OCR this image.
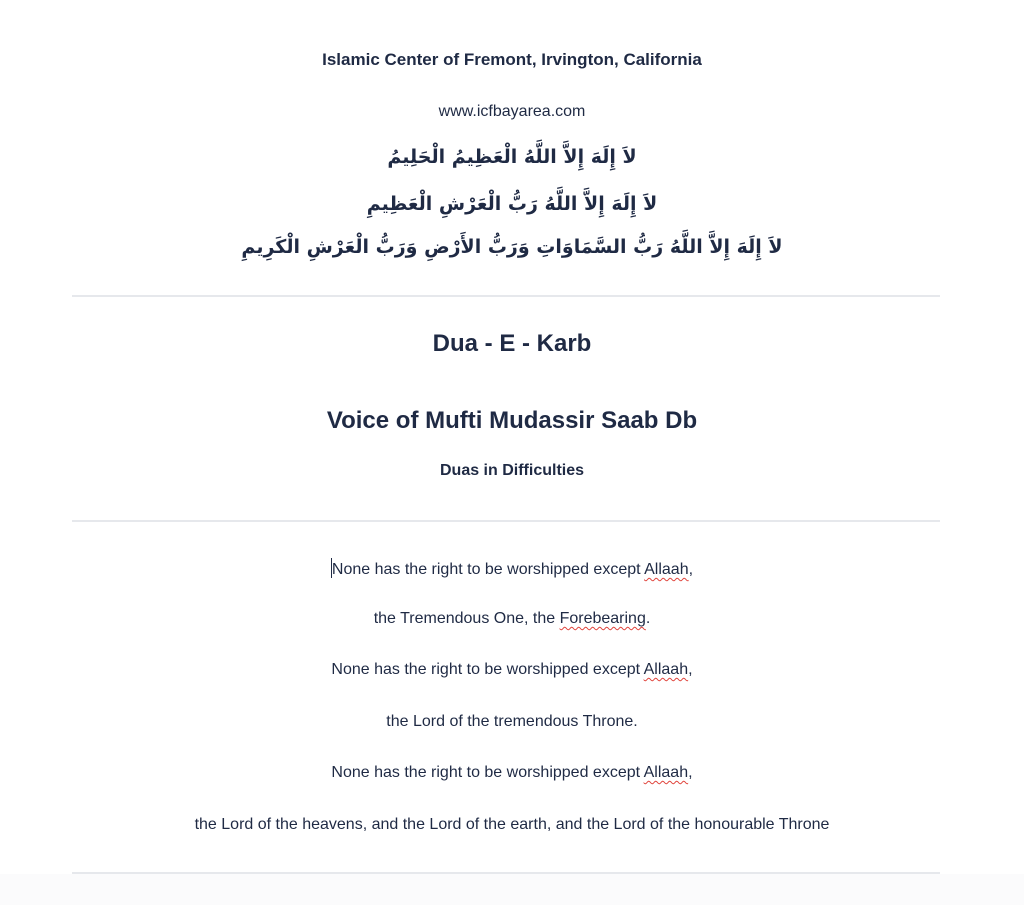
Islamic Center of Fremont, Irvington, California
www.icfbayarea.com
لاَ إِلَهَ إِلاَّ اللَّهُ الْعَظِيمُ الْحَلِيمُ
لاَ إِلَهَ إِلاَّ اللَّهُ رَبُّ الْعَرْشِ الْعَظِيمِ
لاَ إِلَهَ إِلاَّ اللَّهُ رَبُّ السَّمَاوَاتِ وَرَبُّ الأَرْضِ وَرَبُّ الْعَرْشِ الْكَرِيمِ
Dua - E - Karb
Voice of Mufti Mudassir Saab Db
Duas in Difficulties
None has the right to be worshipped except Allaah,
the Tremendous One, the Forebearing.
None has the right to be worshipped except Allaah,
the Lord of the tremendous Throne.
None has the right to be worshipped except Allaah,
the Lord of the heavens, and the Lord of the earth, and the Lord of the honourable Throne
